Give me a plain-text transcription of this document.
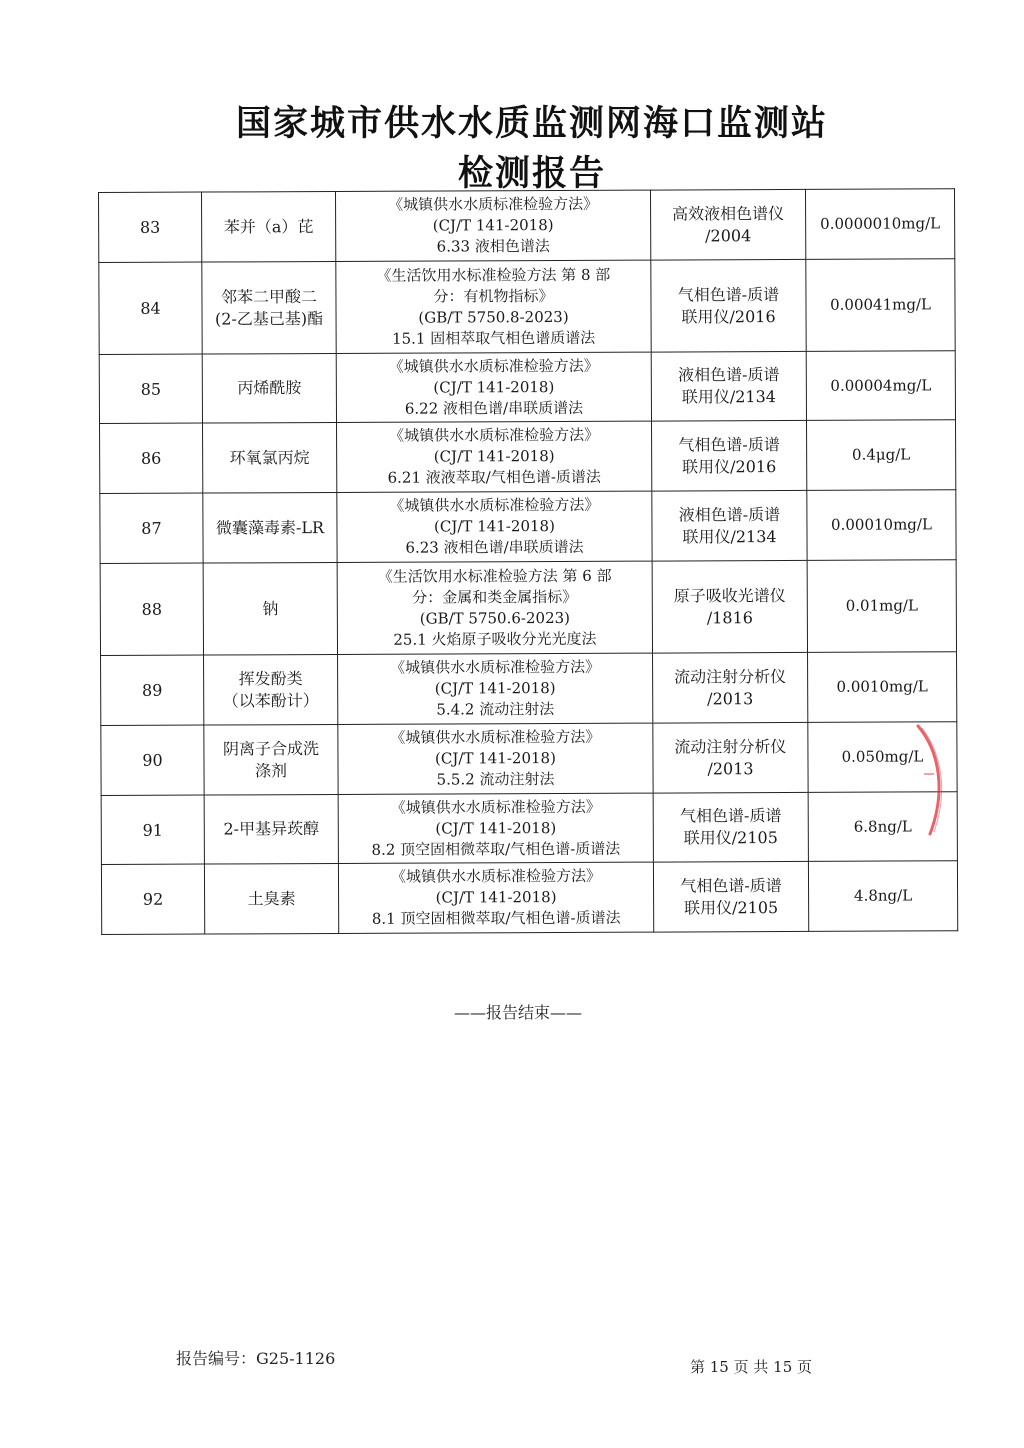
国家城市供水水质监测网海口监测站
检测报告
83	苯并（a）芘	《城镇供水水质标准检验方法》
(CJ/T 141-2018)
6.33 液相色谱法	高效液相色谱仪
/2004	0.0000010mg/L
84	邻苯二甲酸二
(2-乙基己基)酯	《生活饮用水标准检验方法 第 8 部
分：有机物指标》
(GB/T 5750.8-2023)
15.1 固相萃取气相色谱质谱法	气相色谱-质谱
联用仪/2016	0.00041mg/L
85	丙烯酰胺	《城镇供水水质标准检验方法》
(CJ/T 141-2018)
6.22 液相色谱/串联质谱法	液相色谱-质谱
联用仪/2134	0.00004mg/L
86	环氧氯丙烷	《城镇供水水质标准检验方法》
(CJ/T 141-2018)
6.21 液液萃取/气相色谱-质谱法	气相色谱-质谱
联用仪/2016	0.4μg/L
87	微囊藻毒素-LR	《城镇供水水质标准检验方法》
(CJ/T 141-2018)
6.23 液相色谱/串联质谱法	液相色谱-质谱
联用仪/2134	0.00010mg/L
88	钠	《生活饮用水标准检验方法 第 6 部
分：金属和类金属指标》
(GB/T 5750.6-2023)
25.1 火焰原子吸收分光光度法	原子吸收光谱仪
/1816	0.01mg/L
89	挥发酚类
（以苯酚计）	《城镇供水水质标准检验方法》
(CJ/T 141-2018)
5.4.2 流动注射法	流动注射分析仪
/2013	0.0010mg/L
90	阴离子合成洗
涤剂	《城镇供水水质标准检验方法》
(CJ/T 141-2018)
5.5.2 流动注射法	流动注射分析仪
/2013	0.050mg/L
91	2-甲基异莰醇	《城镇供水水质标准检验方法》
(CJ/T 141-2018)
8.2 顶空固相微萃取/气相色谱-质谱法	气相色谱-质谱
联用仪/2105	6.8ng/L
92	土臭素	《城镇供水水质标准检验方法》
(CJ/T 141-2018)
8.1 顶空固相微萃取/气相色谱-质谱法	气相色谱-质谱
联用仪/2105	4.8ng/L
——报告结束——
报告编号：G25-1126	第 15 页 共 15 页
